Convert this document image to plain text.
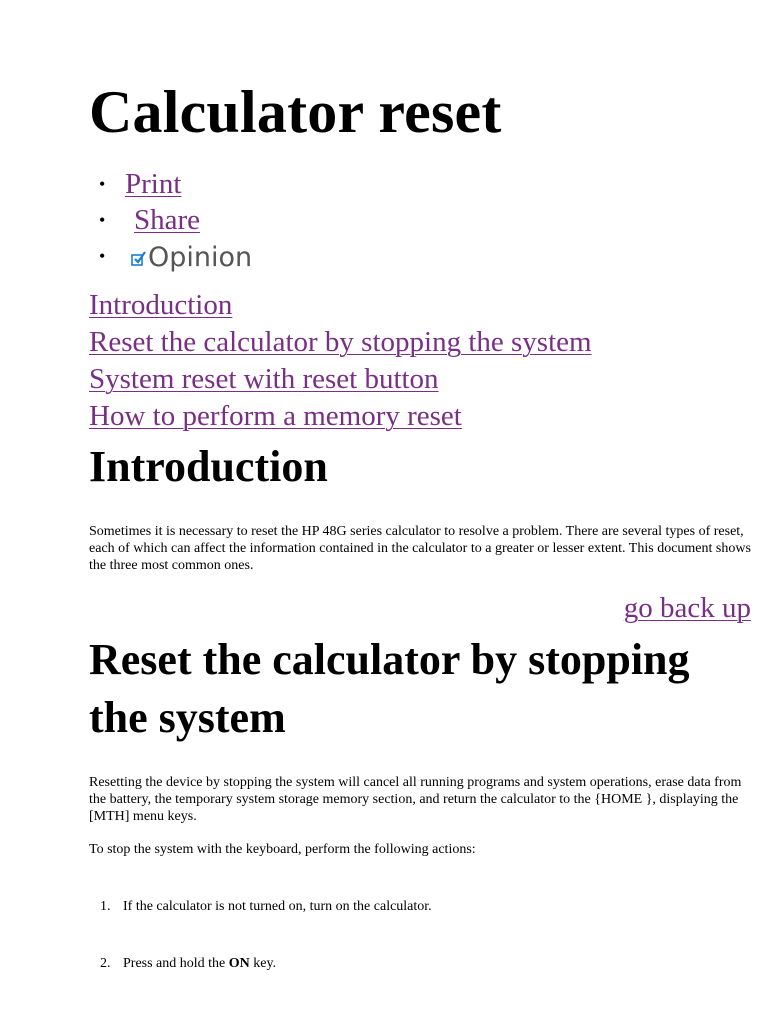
Calculator reset
• Print
• Share
• Opinion
Introduction
Reset the calculator by stopping the system
System reset with reset button
How to perform a memory reset
Introduction

Sometimes it is necessary to reset the HP 48G series calculator to resolve a problem. There are several types of reset, each of which can affect the information contained in the calculator to a greater or lesser extent. This document shows the three most common ones.

go back up
Reset the calculator by stopping the system

Resetting the device by stopping the system will cancel all running programs and system operations, erase data from the battery, the temporary system storage memory section, and return the calculator to the {HOME }, displaying the [MTH] menu keys.

To stop the system with the keyboard, perform the following actions:

1. If the calculator is not turned on, turn on the calculator.
2. Press and hold the ON key.
